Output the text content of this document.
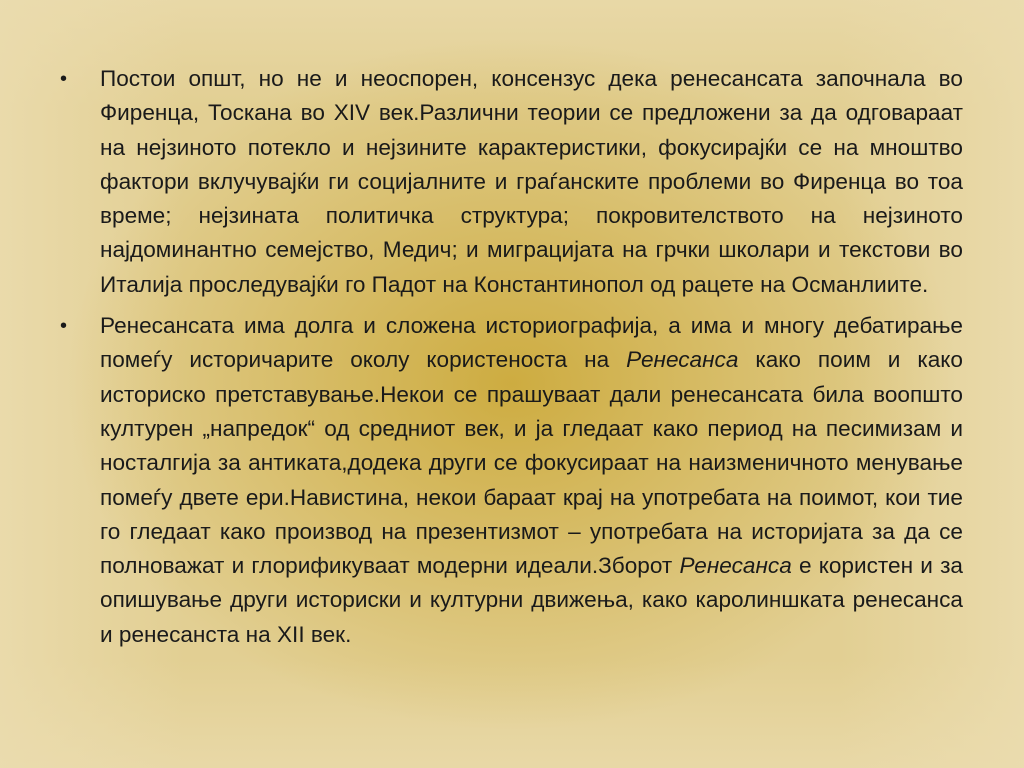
• Постои општ, но не и неоспорен, консензус дека ренесансата започнала во Фиренца, Тоскана во XIV век.Различни теории се предложени за да одговараат на нејзиното потекло и нејзините карактеристики, фокусирајќи се на мноштво фактори вклучувајќи ги социјалните и граѓанските проблеми во Фиренца во тоа време; нејзината политичка структура; покровителството на нејзиното најдоминантно семејство, Медич; и миграцијата на грчки школари и текстови во Италија проследувајќи го Падот на Константинопол од рацете на Османлиите.

• Ренесансата има долга и сложена историографија, а има и многу дебатирање помеѓу историчарите околу користеноста на Ренесанса како поим и како историско претставување.Некои се прашуваат дали ренесансата била воопшто културен „напредок“ од средниот век, и ја гледаат како период на песимизам и носталгија за антиката,додека други се фокусираат на наизменичното менување помеѓу двете ери.Навистина, некои бараат крај на употребата на поимот, кои тие го гледаат како производ на презентизмот – употребата на историјата за да се полноважат и глорификуваат модерни идеали.Зборот Ренесанса е користен и за опишување други историски и културни движења, како каролиншката ренесанса и ренесанста на XII век.
